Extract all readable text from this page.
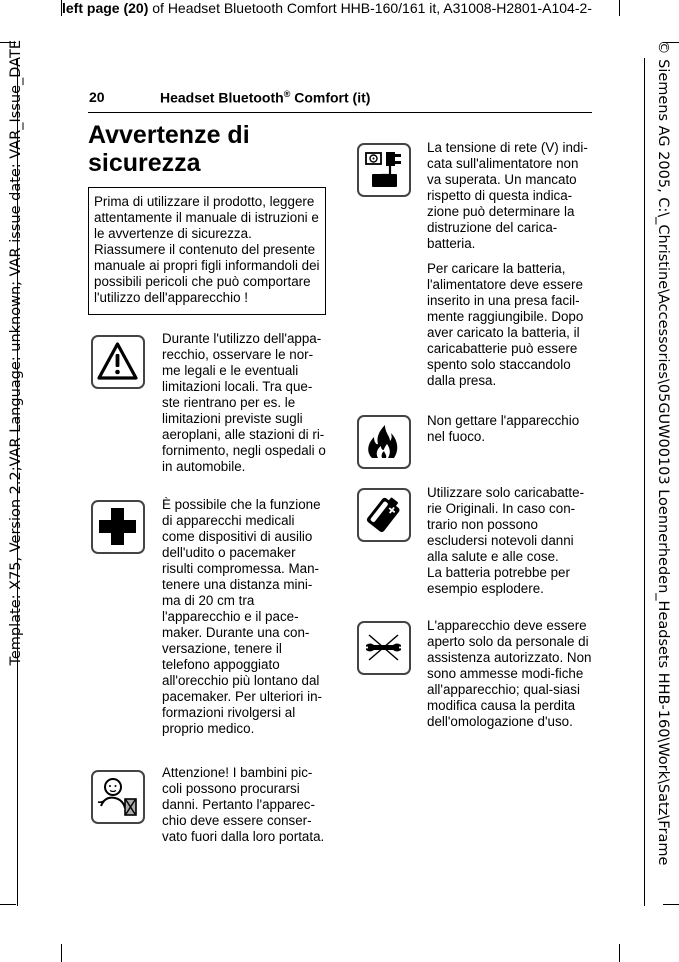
left page (20) of Headset Bluetooth Comfort HHB-160/161 it, A31008-H2801-A104-2-
Template: X75, Version 2.2;VAR Language: unknown; VAR issue date: VAR_Issue_DATE	© Siemens AG 2005, C:\_Christine\Accessories\05GUW00103 Loennerheden_Headsets HHB-160\Work\Satz\Frame
20	Headset Bluetooth® Comfort (it)
Avvertenze di
sicurezza

Prima di utilizzare il prodotto, leggere attentamente il manuale di istruzioni e le avvertenze di sicurezza.

Riassumere il contenuto del presente manuale ai propri figli informandoli dei possibili pericoli che può comportare l'utilizzo dell'apparecchio !

Durante l'utilizzo dell'appa-recchio, osservare le nor-me legali e le eventuali limitazioni locali. Tra que-ste rientrano per es. le limitazioni previste sugli aeroplani, alle stazioni di ri-fornimento, negli ospedali o in automobile.

È possibile che la funzione di apparecchi medicali come dispositivi di ausilio dell'udito o pacemaker risulti compromessa. Man-tenere una distanza mini-ma di 20 cm tra l'apparecchio e il pace-maker. Durante una con-versazione, tenere il telefono appoggiato all'orecchio più lontano dal pacemaker. Per ulteriori in-formazioni rivolgersi al proprio medico.

Attenzione! I bambini pic-coli possono procurarsi danni. Pertanto l'apparec-chio deve essere conser-vato fuori dalla loro portata.

La tensione di rete (V) indi-cata sull'alimentatore non va superata. Un mancato rispetto di questa indica-zione può determinare la distruzione del carica-batteria.

Per caricare la batteria, l'alimentatore deve essere inserito in una presa facil-mente raggiungibile. Dopo aver caricato la batteria, il caricabatterie può essere spento solo staccandolo dalla presa.

Non gettare l'apparecchio nel fuoco.

Utilizzare solo caricabatte-rie Originali. In caso con-trario non possono escludersi notevoli danni alla salute e alle cose.

La batteria potrebbe per esempio esplodere.

L'apparecchio deve essere aperto solo da personale di assistenza autorizzato. Non sono ammesse modi-fiche all'apparecchio; qual-siasi modifica causa la perdita dell'omologazione d'uso.
